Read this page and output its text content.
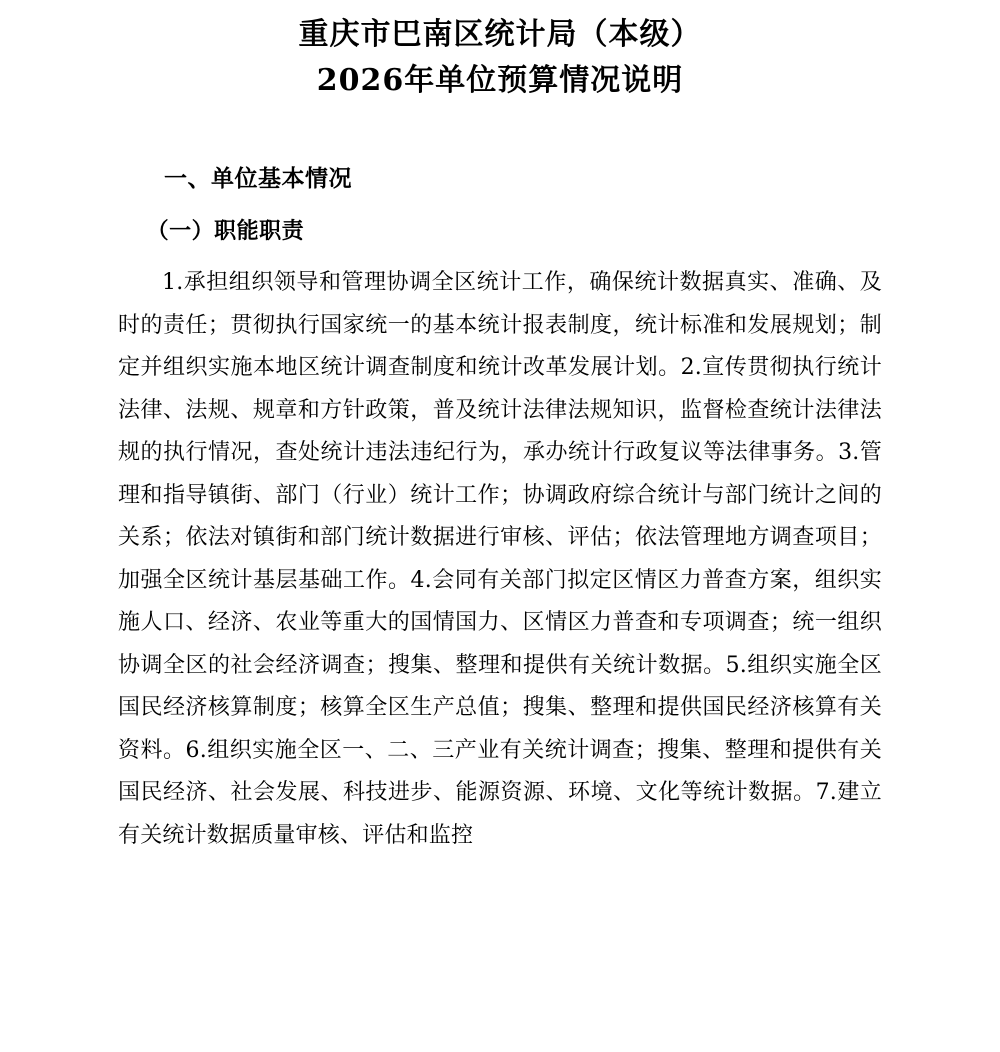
重庆市巴南区统计局（本级）
2026年单位预算情况说明
一、单位基本情况
（一）职能职责

1.承担组织领导和管理协调全区统计工作，确保统计数据真实、准确、及时的责任；贯彻执行国家统一的基本统计报表制度，统计标准和发展规划；制定并组织实施本地区统计调查制度和统计改革发展计划。2.宣传贯彻执行统计法律、法规、规章和方针政策，普及统计法律法规知识，监督检查统计法律法规的执行情况，查处统计违法违纪行为，承办统计行政复议等法律事务。3.管理和指导镇街、部门（行业）统计工作；协调政府综合统计与部门统计之间的关系；依法对镇街和部门统计数据进行审核、评估；依法管理地方调查项目；加强全区统计基层基础工作。4.会同有关部门拟定区情区力普查方案，组织实施人口、经济、农业等重大的国情国力、区情区力普查和专项调查；统一组织协调全区的社会经济调查；搜集、整理和提供有关统计数据。5.组织实施全区国民经济核算制度；核算全区生产总值；搜集、整理和提供国民经济核算有关资料。6.组织实施全区一、二、三产业有关统计调查；搜集、整理和提供有关国民经济、社会发展、科技进步、能源资源、环境、文化等统计数据。7.建立有关统计数据质量审核、评估和监控
